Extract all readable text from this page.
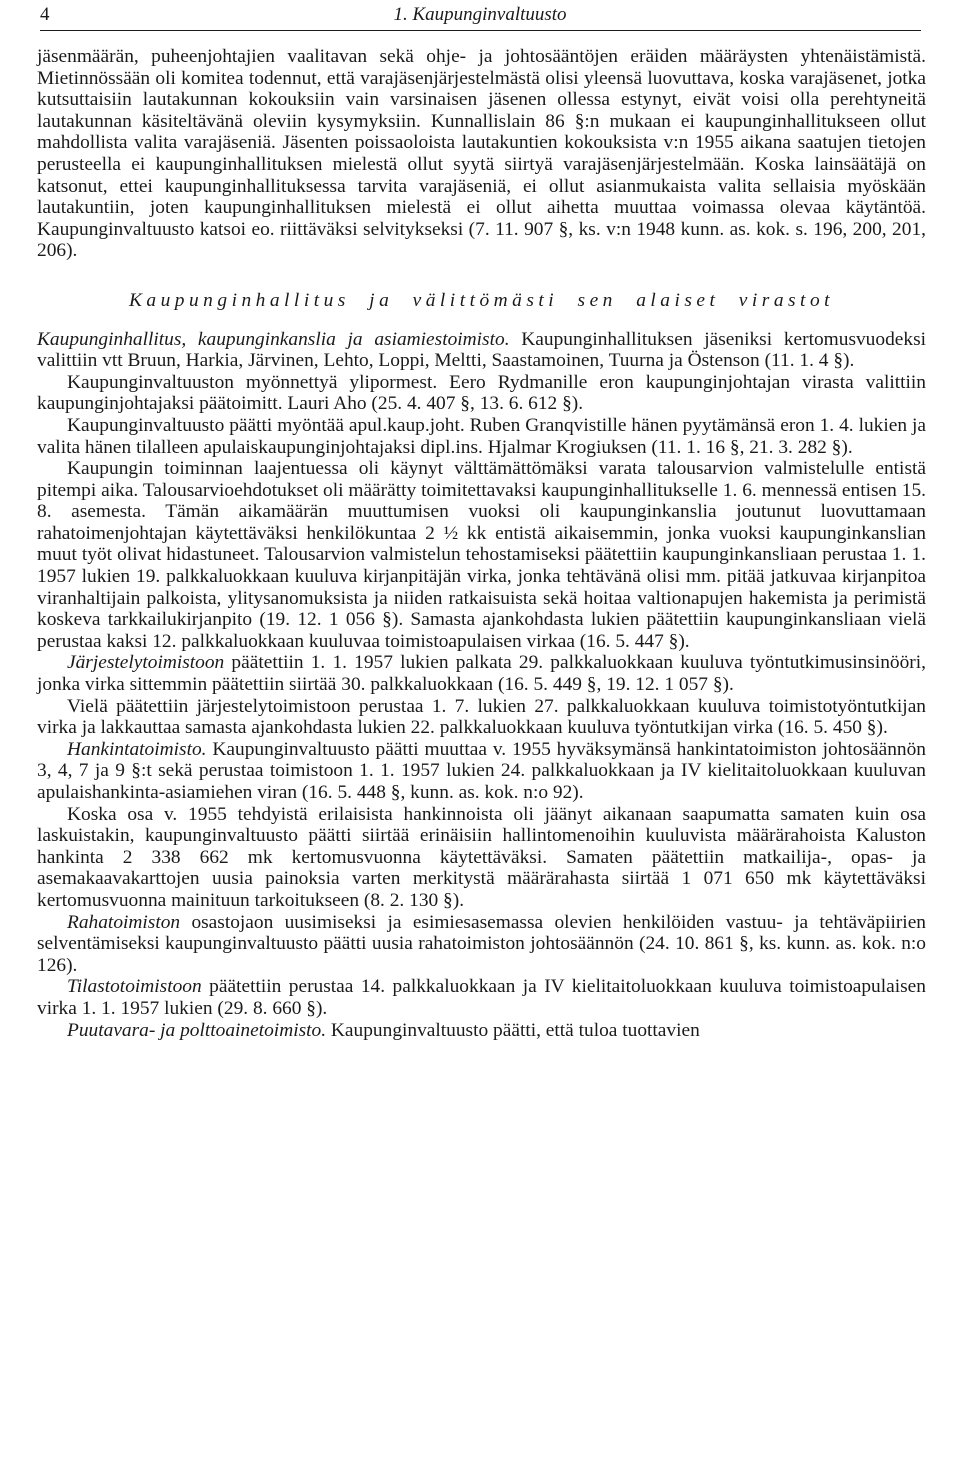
4	1. Kaupunginvaltuusto

jäsenmäärän, puheenjohtajien vaalitavan sekä ohje- ja johtosääntöjen eräiden määräysten yhtenäistämistä. Mietinnössään oli komitea todennut, että varajäsenjärjestelmästä olisi yleensä luovuttava, koska varajäsenet, jotka kutsuttaisiin lautakunnan kokouksiin vain varsinaisen jäsenen ollessa estynyt, eivät voisi olla perehtyneitä lautakunnan käsiteltävänä oleviin kysymyksiin. Kunnallislain 86 §:n mukaan ei kaupunginhallitukseen ollut mahdollista valita varajäseniä. Jäsenten poissaoloista lautakuntien kokouksista v:n 1955 aikana saatujen tietojen perusteella ei kaupunginhallituksen mielestä ollut syytä siirtyä varajäsenjärjestelmään. Koska lainsäätäjä on katsonut, ettei kaupunginhallituksessa tarvita varajäseniä, ei ollut asianmukaista valita sellaisia myöskään lautakuntiin, joten kaupunginhallituksen mielestä ei ollut aihetta muuttaa voimassa olevaa käytäntöä. Kaupunginvaltuusto katsoi eo. riittäväksi selvitykseksi (7. 11. 907 §, ks. v:n 1948 kunn. as. kok. s. 196, 200, 201, 206).

Kaupunginhallitus ja välittömästi sen alaiset virastot

Kaupunginhallitus, kaupunginkanslia ja asiamiestoimisto. Kaupunginhallituksen jäseniksi kertomusvuodeksi valittiin vtt Bruun, Harkia, Järvinen, Lehto, Loppi, Meltti, Saastamoinen, Tuurna ja Östenson (11. 1. 4 §).

Kaupunginvaltuuston myönnettyä ylipormest. Eero Rydmanille eron kaupunginjohtajan virasta valittiin kaupunginjohtajaksi päätoimitt. Lauri Aho (25. 4. 407 §, 13. 6. 612 §).

Kaupunginvaltuusto päätti myöntää apul.kaup.joht. Ruben Granqvistille hänen pyytämänsä eron 1. 4. lukien ja valita hänen tilalleen apulaiskaupunginjohtajaksi dipl.ins. Hjalmar Krogiuksen (11. 1. 16 §, 21. 3. 282 §).

Kaupungin toiminnan laajentuessa oli käynyt välttämättömäksi varata talousarvion valmistelulle entistä pitempi aika. Talousarvioehdotukset oli määrätty toimitettavaksi kaupunginhallitukselle 1. 6. mennessä entisen 15. 8. asemesta. Tämän aikamäärän muuttumisen vuoksi oli kaupunginkanslia joutunut luovuttamaan rahatoimenjohtajan käytettäväksi henkilökuntaa 2 ½ kk entistä aikaisemmin, jonka vuoksi kaupunginkanslian muut työt olivat hidastuneet. Talousarvion valmistelun tehostamiseksi päätettiin kaupunginkansliaan perustaa 1. 1. 1957 lukien 19. palkkaluokkaan kuuluva kirjanpitäjän virka, jonka tehtävänä olisi mm. pitää jatkuvaa kirjanpitoa viranhaltijain palkoista, ylitysanomuksista ja niiden ratkaisuista sekä hoitaa valtionapujen hakemista ja perimistä koskeva tarkkailukirjanpito (19. 12. 1 056 §). Samasta ajankohdasta lukien päätettiin kaupunginkansliaan vielä perustaa kaksi 12. palkkaluokkaan kuuluvaa toimistoapulaisen virkaa (16. 5. 447 §).

Järjestelytoimistoon päätettiin 1. 1. 1957 lukien palkata 29. palkkaluokkaan kuuluva työntutkimusinsinööri, jonka virka sittemmin päätettiin siirtää 30. palkkaluokkaan (16. 5. 449 §, 19. 12. 1 057 §).

Vielä päätettiin järjestelytoimistoon perustaa 1. 7. lukien 27. palkkaluokkaan kuuluva toimistotyöntutkijan virka ja lakkauttaa samasta ajankohdasta lukien 22. palkkaluokkaan kuuluva työntutkijan virka (16. 5. 450 §).

Hankintatoimisto. Kaupunginvaltuusto päätti muuttaa v. 1955 hyväksymänsä hankintatoimiston johtosäännön 3, 4, 7 ja 9 §:t sekä perustaa toimistoon 1. 1. 1957 lukien 24. palkkaluokkaan ja IV kielitaitoluokkaan kuuluvan apulaishankinta-asiamiehen viran (16. 5. 448 §, kunn. as. kok. n:o 92).

Koska osa v. 1955 tehdyistä erilaisista hankinnoista oli jäänyt aikanaan saapumatta samaten kuin osa laskuistakin, kaupunginvaltuusto päätti siirtää erinäisiin hallintomenoihin kuuluvista määrärahoista Kaluston hankinta 2 338 662 mk kertomusvuonna käytettäväksi. Samaten päätettiin matkailija-, opas- ja asemakaavakarttojen uusia painoksia varten merkitystä määrärahasta siirtää 1 071 650 mk käytettäväksi kertomusvuonna mainituun tarkoitukseen (8. 2. 130 §).

Rahatoimiston osastojaon uusimiseksi ja esimiesasemassa olevien henkilöiden vastuu- ja tehtäväpiirien selventämiseksi kaupunginvaltuusto päätti uusia rahatoimiston johtosäännön (24. 10. 861 §, ks. kunn. as. kok. n:o 126).

Tilastotoimistoon päätettiin perustaa 14. palkkaluokkaan ja IV kielitaitoluokkaan kuuluva toimistoapulaisen virka 1. 1. 1957 lukien (29. 8. 660 §).

Puutavara- ja polttoainetoimisto. Kaupunginvaltuusto päätti, että tuloa tuottavien
